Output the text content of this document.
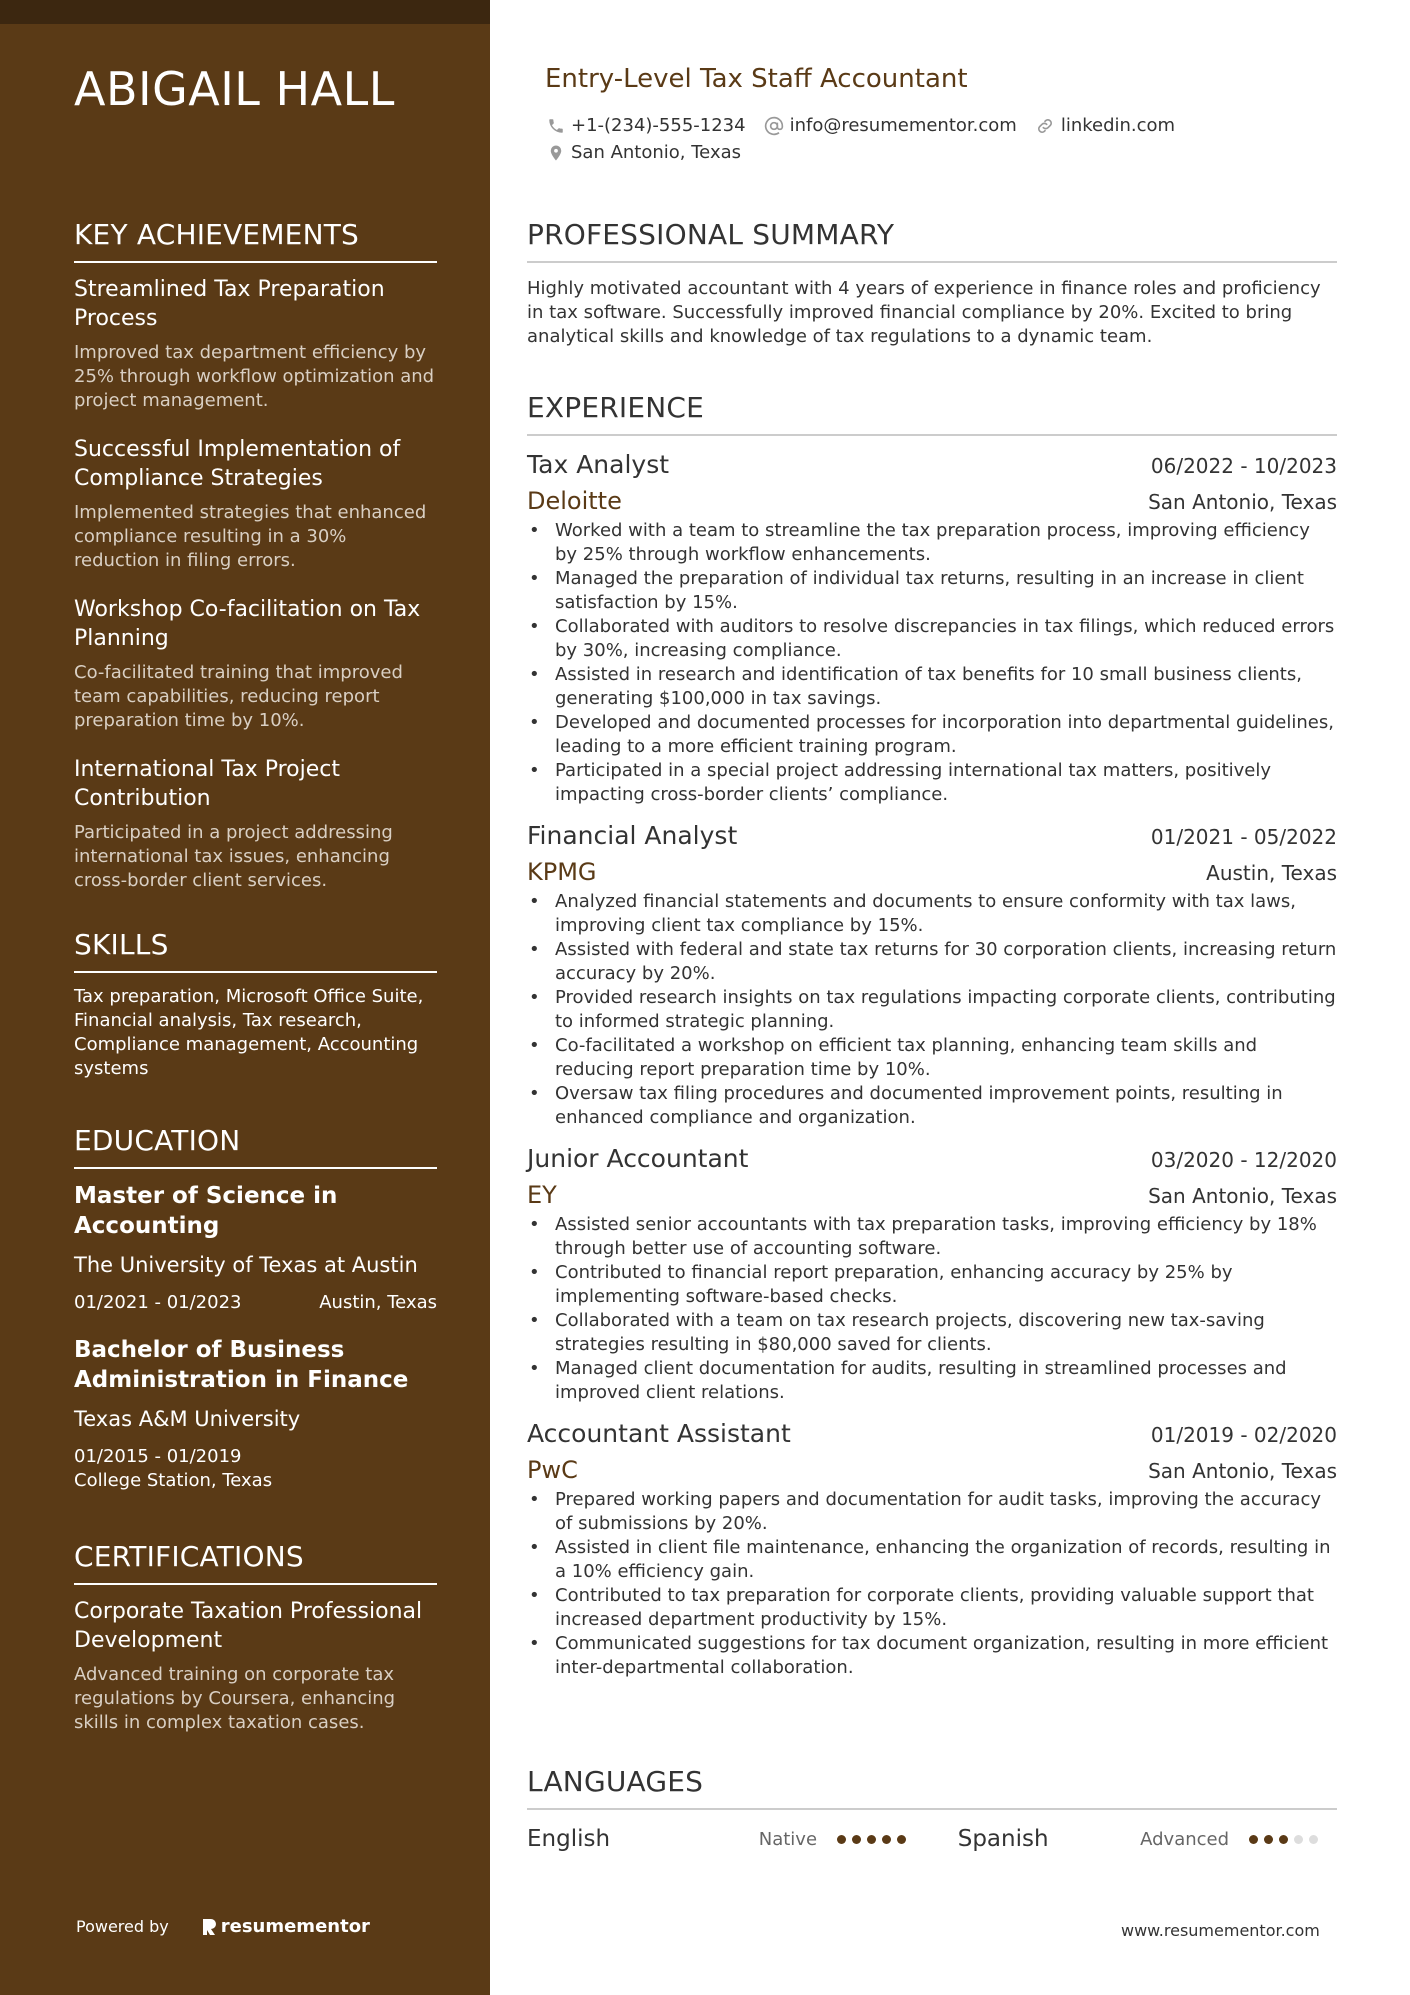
ABIGAIL HALL
KEY ACHIEVEMENTS
Streamlined Tax Preparation Process
Improved tax department efficiency by 25% through workflow optimization and project management.
Successful Implementation of Compliance Strategies
Implemented strategies that enhanced compliance resulting in a 30% reduction in filing errors.
Workshop Co-facilitation on Tax Planning
Co-facilitated training that improved team capabilities, reducing report preparation time by 10%.
International Tax Project Contribution
Participated in a project addressing international tax issues, enhancing cross-border client services.
SKILLS
Tax preparation, Microsoft Office Suite, Financial analysis, Tax research, Compliance management, Accounting systems
EDUCATION
Master of Science in Accounting
The University of Texas at Austin
01/2021 - 01/2023	Austin, Texas
Bachelor of Business Administration in Finance
Texas A&M University
01/2015 - 01/2019
College Station, Texas
CERTIFICATIONS
Corporate Taxation Professional Development
Advanced training on corporate tax regulations by Coursera, enhancing skills in complex taxation cases.
Powered by	resumementor
Entry-Level Tax Staff Accountant
+1-(234)-555-1234 info@resumementor.com linkedin.com
San Antonio, Texas
PROFESSIONAL SUMMARY
Highly motivated accountant with 4 years of experience in finance roles and proficiency in tax software. Successfully improved financial compliance by 20%. Excited to bring analytical skills and knowledge of tax regulations to a dynamic team.
EXPERIENCE
Tax Analyst	06/2022 - 10/2023
Deloitte	San Antonio, Texas
• Worked with a team to streamline the tax preparation process, improving efficiency by 25% through workflow enhancements.
• Managed the preparation of individual tax returns, resulting in an increase in client satisfaction by 15%.
• Collaborated with auditors to resolve discrepancies in tax filings, which reduced errors by 30%, increasing compliance.
• Assisted in research and identification of tax benefits for 10 small business clients, generating $100,000 in tax savings.
• Developed and documented processes for incorporation into departmental guidelines, leading to a more efficient training program.
• Participated in a special project addressing international tax matters, positively impacting cross-border clients’ compliance.
Financial Analyst	01/2021 - 05/2022
KPMG	Austin, Texas
• Analyzed financial statements and documents to ensure conformity with tax laws, improving client tax compliance by 15%.
• Assisted with federal and state tax returns for 30 corporation clients, increasing return accuracy by 20%.
• Provided research insights on tax regulations impacting corporate clients, contributing to informed strategic planning.
• Co-facilitated a workshop on efficient tax planning, enhancing team skills and reducing report preparation time by 10%.
• Oversaw tax filing procedures and documented improvement points, resulting in enhanced compliance and organization.
Junior Accountant	03/2020 - 12/2020
EY	San Antonio, Texas
• Assisted senior accountants with tax preparation tasks, improving efficiency by 18% through better use of accounting software.
• Contributed to financial report preparation, enhancing accuracy by 25% by implementing software-based checks.
• Collaborated with a team on tax research projects, discovering new tax-saving strategies resulting in $80,000 saved for clients.
• Managed client documentation for audits, resulting in streamlined processes and improved client relations.
Accountant Assistant	01/2019 - 02/2020
PwC	San Antonio, Texas
• Prepared working papers and documentation for audit tasks, improving the accuracy of submissions by 20%.
• Assisted in client file maintenance, enhancing the organization of records, resulting in a 10% efficiency gain.
• Contributed to tax preparation for corporate clients, providing valuable support that increased department productivity by 15%.
• Communicated suggestions for tax document organization, resulting in more efficient inter-departmental collaboration.
LANGUAGES
English	Native	Spanish	Advanced
www.resumementor.com
